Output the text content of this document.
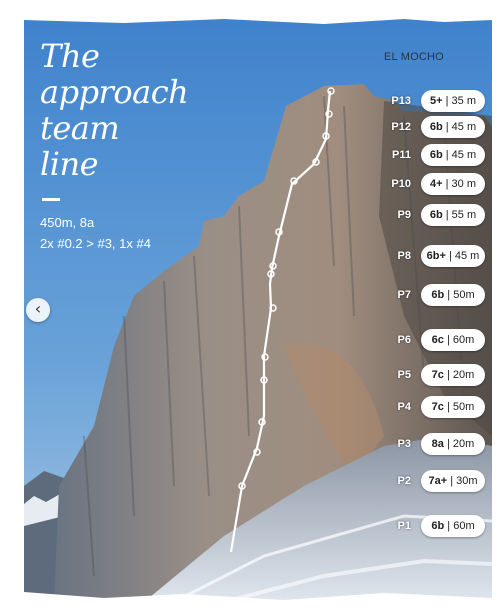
The
approach
team
line
450m, 8a
2x #0.2 > #3, 1x #4
EL MOCHO
P13	5+ | 35 m
P12	6b | 45 m
P11	6b | 45 m
P10	4+ | 30 m
P9	6b | 55 m
P8	6b+ | 45 m
P7	6b | 50m
P6	6c | 60m
P5	7c | 20m
P4	7c | 50m
P3	8a | 20m
P2	7a+ | 30m
P1	6b | 60m
‹
